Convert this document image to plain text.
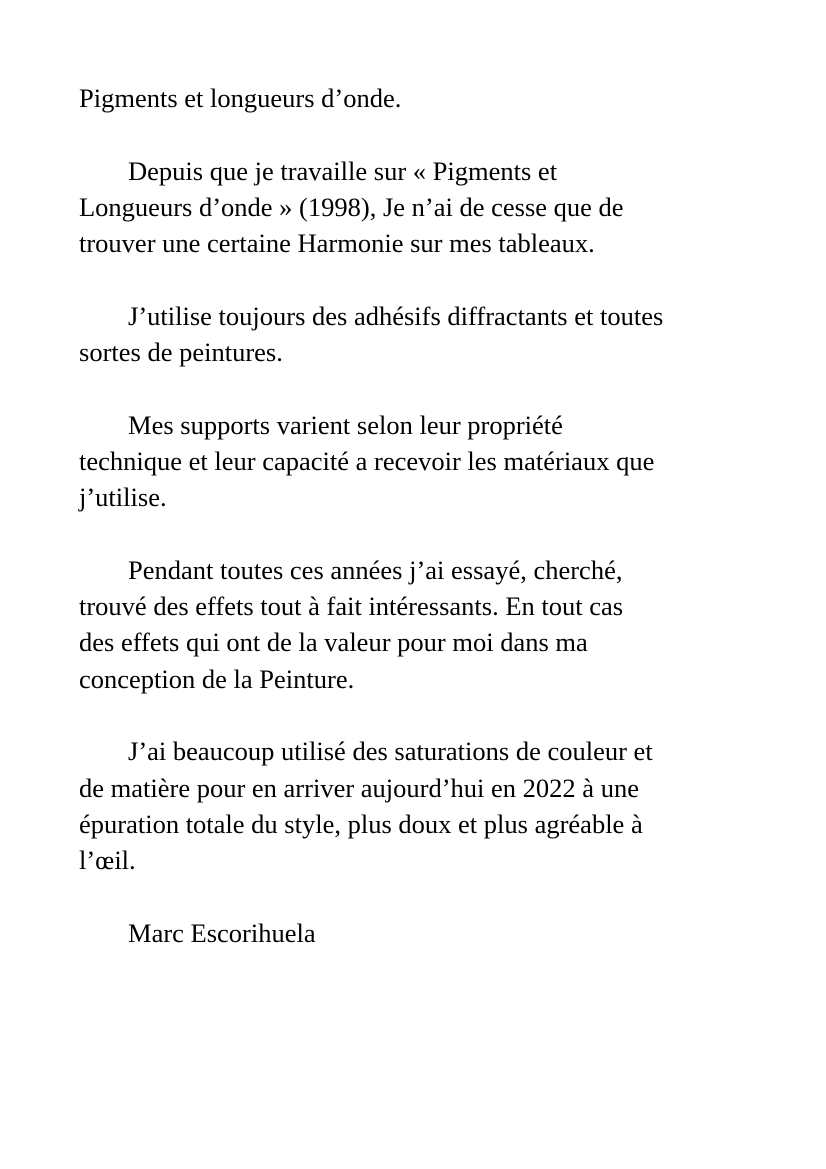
Pigments et longueurs d’onde.

Depuis que je travaille sur « Pigments et
Longueurs d’onde » (1998), Je n’ai de cesse que de
trouver une certaine Harmonie sur mes tableaux.

J’utilise toujours des adhésifs diffractants et toutes
sortes de peintures.

Mes supports varient selon leur propriété
technique et leur capacité a recevoir les matériaux que
j’utilise.

Pendant toutes ces années j’ai essayé, cherché,
trouvé des effets tout à fait intéressants. En tout cas
des effets qui ont de la valeur pour moi dans ma
conception de la Peinture.

J’ai beaucoup utilisé des saturations de couleur et
de matière pour en arriver aujourd’hui en 2022 à une
épuration totale du style, plus doux et plus agréable à
l’œil.

Marc Escorihuela
